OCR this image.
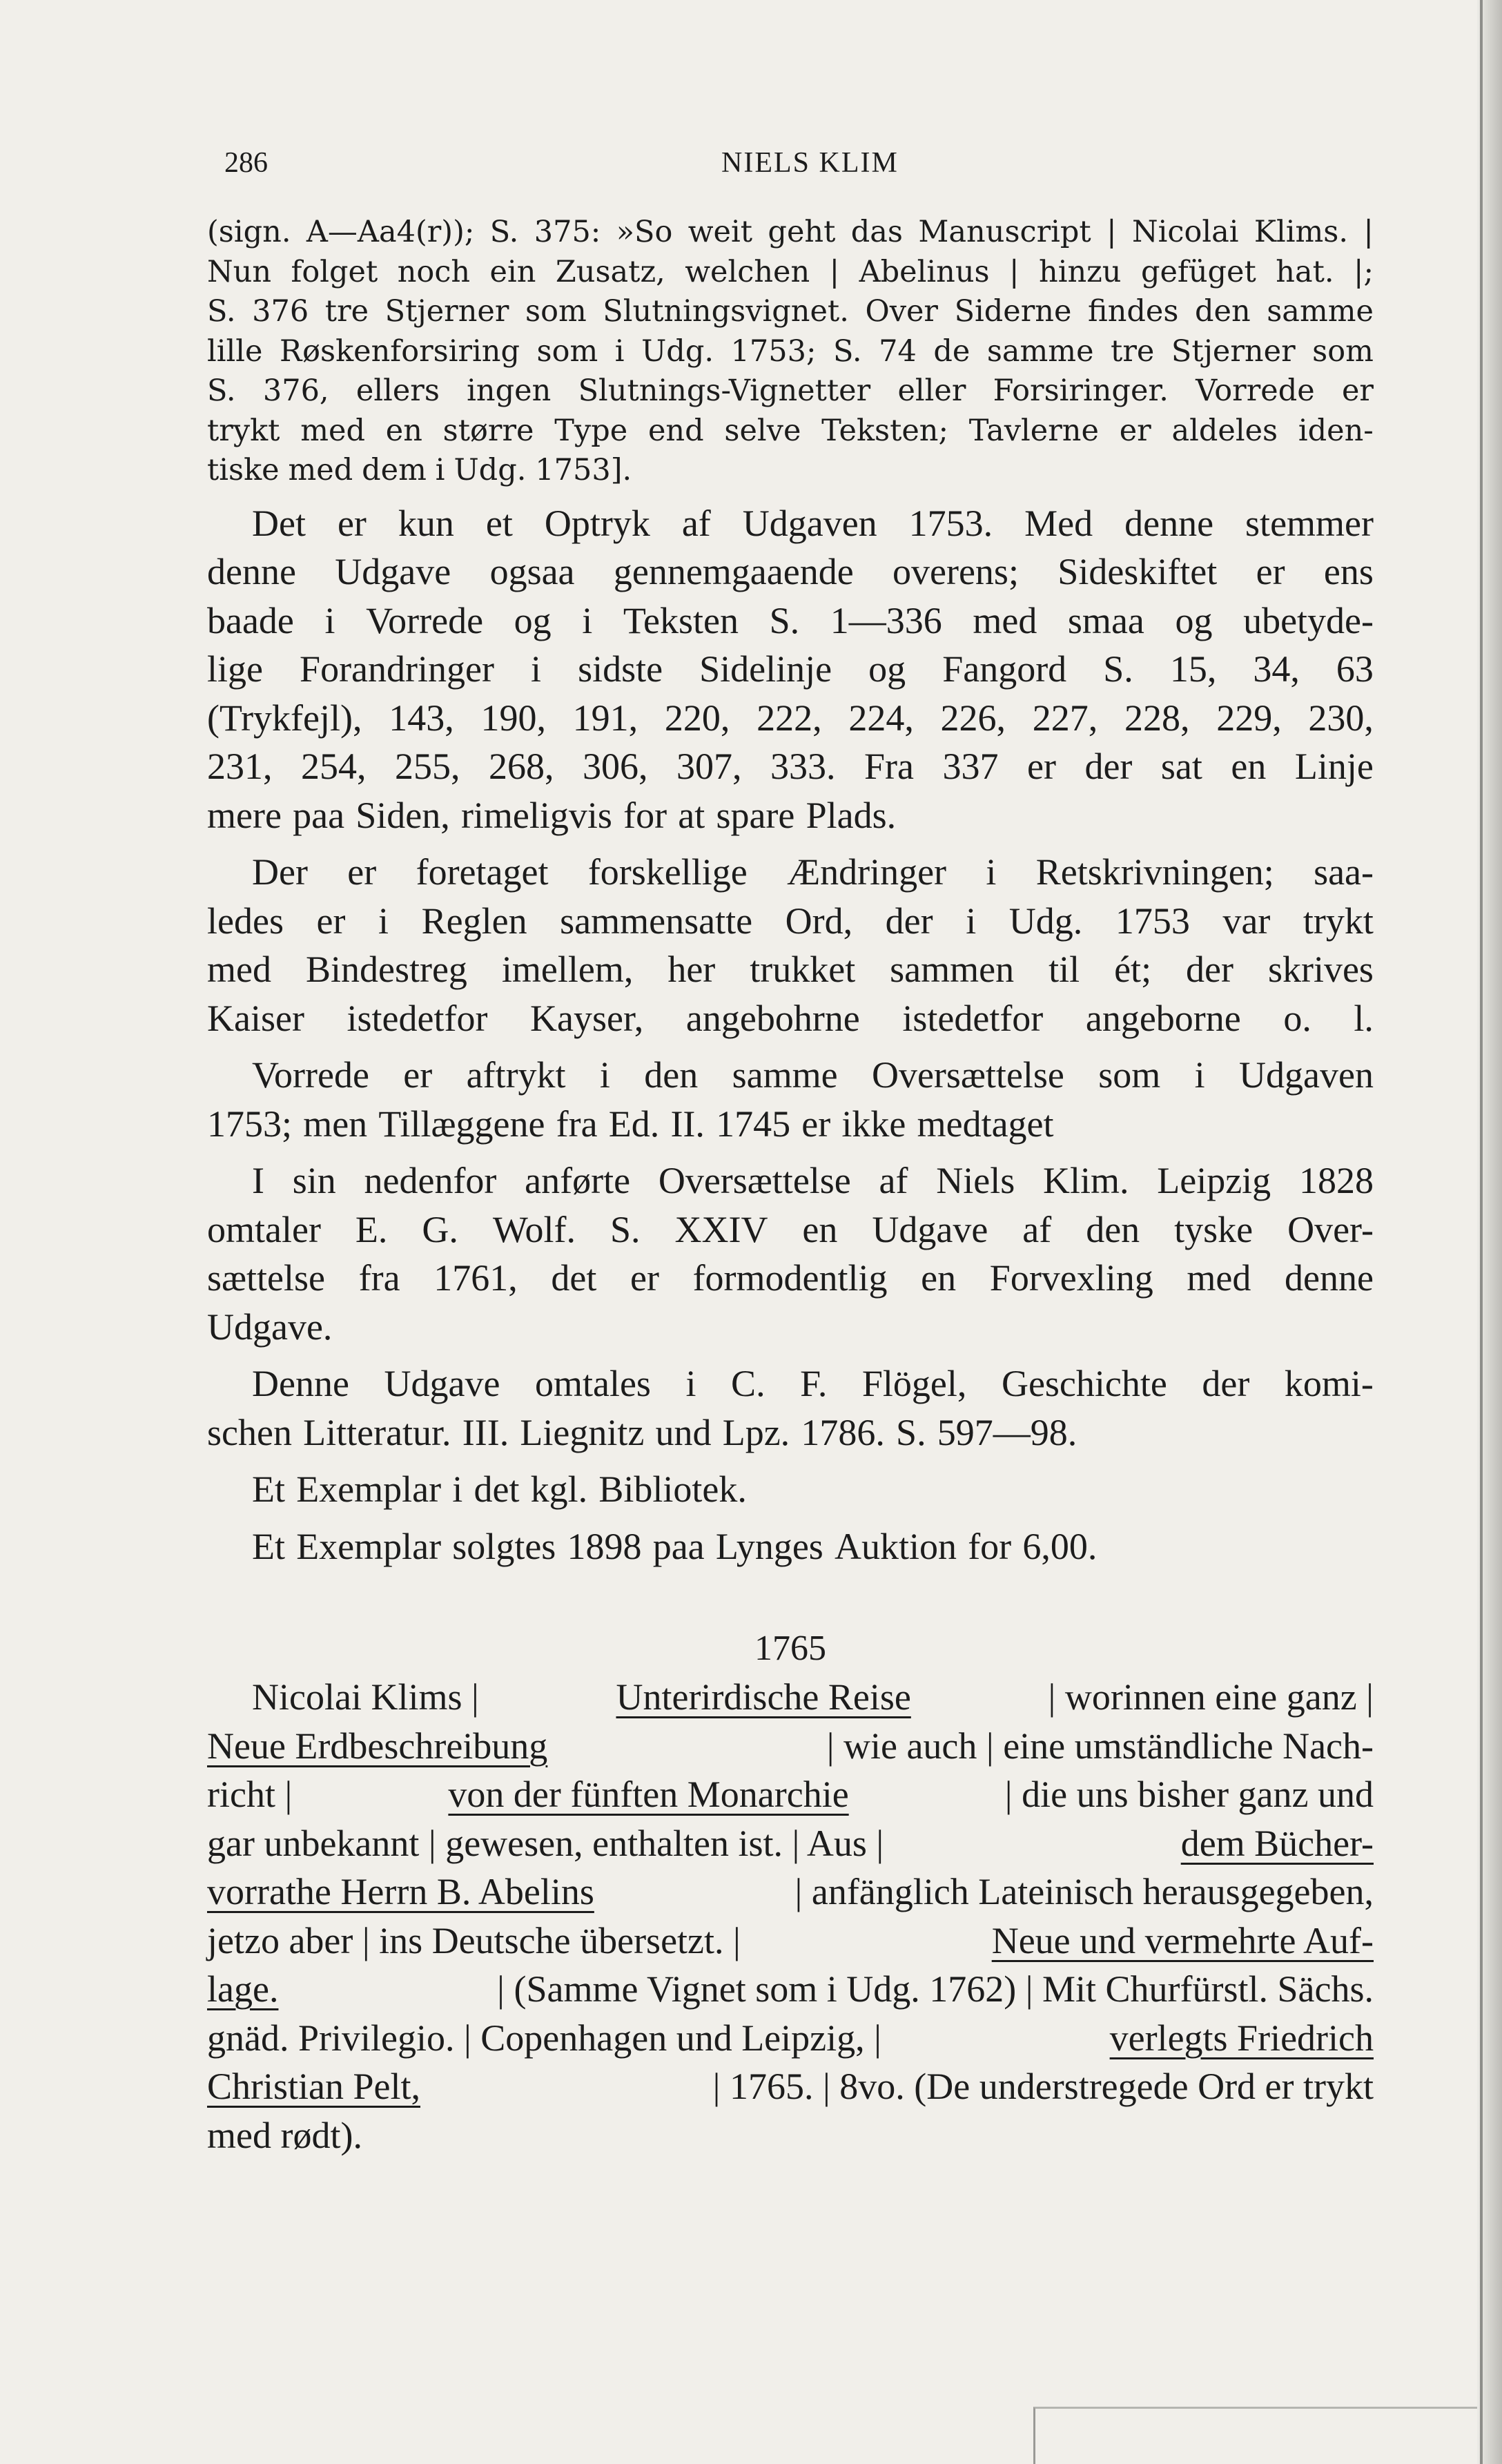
286	NIELS KLIM
(sign. A—Aa4(r)); S. 375: »So weit geht das Manuscript | Nicolai Klims. |
Nun folget noch ein Zusatz, welchen | Abelinus | hinzu gefüget hat. |;
S. 376 tre Stjerner som Slutningsvignet. Over Siderne findes den samme
lille Røskenforsiring som i Udg. 1753; S. 74 de samme tre Stjerner som
S. 376, ellers ingen Slutnings-Vignetter eller Forsiringer. Vorrede er
trykt med en større Type end selve Teksten; Tavlerne er aldeles iden-
tiske med dem i Udg. 1753].
Det er kun et Optryk af Udgaven 1753. Med denne stemmer
denne Udgave ogsaa gennemgaaende overens; Sideskiftet er ens
baade i Vorrede og i Teksten S. 1—336 med smaa og ubetyde-
lige Forandringer i sidste Sidelinje og Fangord S. 15, 34, 63
(Trykfejl), 143, 190, 191, 220, 222, 224, 226, 227, 228, 229, 230,
231, 254, 255, 268, 306, 307, 333. Fra 337 er der sat en Linje
mere paa Siden, rimeligvis for at spare Plads.
Der er foretaget forskellige Ændringer i Retskrivningen; saa-
ledes er i Reglen sammensatte Ord, der i Udg. 1753 var trykt
med Bindestreg imellem, her trukket sammen til ét; der skrives
Kaiser istedetfor Kayser, angebohrne istedetfor angeborne o. l.
Vorrede er aftrykt i den samme Oversættelse som i Udgaven
1753; men Tillæggene fra Ed. II. 1745 er ikke medtaget
I sin nedenfor anførte Oversættelse af Niels Klim. Leipzig 1828
omtaler E. G. Wolf. S. XXIV en Udgave af den tyske Over-
sættelse fra 1761, det er formodentlig en Forvexling med denne
Udgave.
Denne Udgave omtales i C. F. Flögel, Geschichte der komi-
schen Litteratur. III. Liegnitz und Lpz. 1786. S. 597—98.
Et Exemplar i det kgl. Bibliotek.
Et Exemplar solgtes 1898 paa Lynges Auktion for 6,00.
1765
Nicolai Klims |	Unterirdische Reise	| worinnen eine ganz |
Neue Erdbeschreibung	| wie auch | eine umständliche Nach-
richt |	von der fünften Monarchie	| die uns bisher ganz und
gar unbekannt | gewesen, enthalten ist. | Aus |	dem Bücher-
vorrathe Herrn B. Abelins	| anfänglich Lateinisch herausgegeben,
jetzo aber | ins Deutsche übersetzt. |	Neue und vermehrte Auf-
lage.	| (Samme Vignet som i Udg. 1762) | Mit Churfürstl. Sächs.
gnäd. Privilegio. | Copenhagen und Leipzig, |	verlegts Friedrich
Christian Pelt,	| 1765. | 8vo. (De understregede Ord er trykt
med rødt).
